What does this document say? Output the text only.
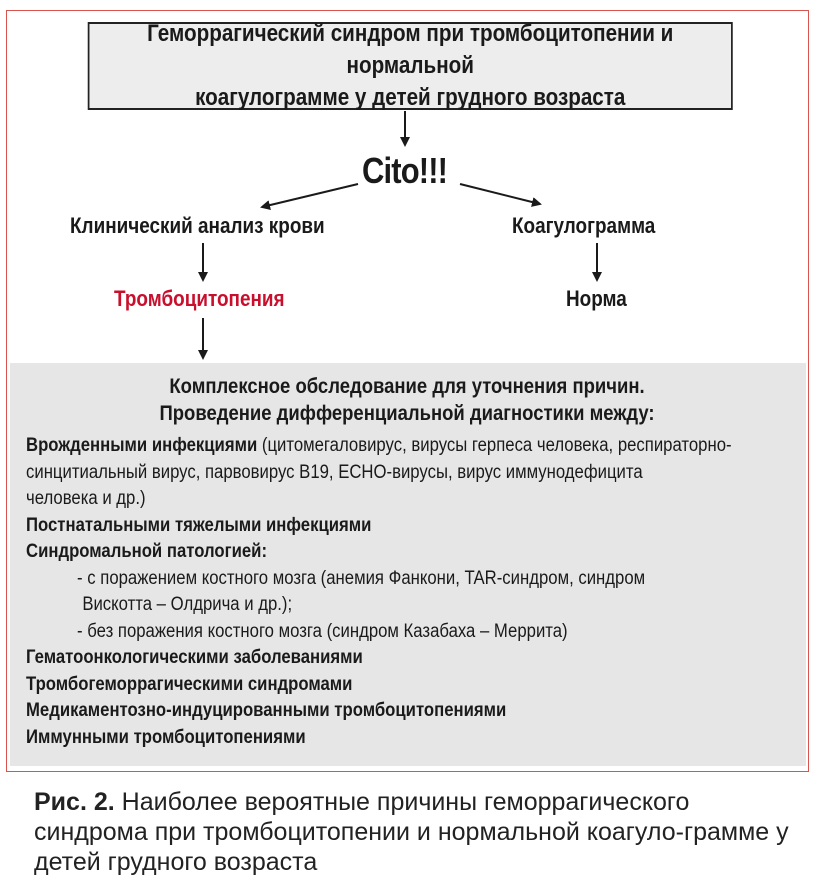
Геморрагический синдром при тромбоцитопении и нормальной
коагулограмме у детей грудного возраста
Cito!!!
Клинический анализ крови	Коагулограмма
Тромбоцитопения	Норма
Комплексное обследование для уточнения причин.
Проведение дифференциальной диагностики между:
Врожденными инфекциями (цитомегаловирус, вирусы герпеса человека, респираторно-
синцитиальный вирус, парвовирус В19, ЕСНО-вирусы, вирус иммунодефицита
человека и др.)
Постнатальными тяжелыми инфекциями
Синдромальной патологией:
- с поражением костного мозга (анемия Фанкони, TAR-синдром, синдром
Вискотта – Олдрича и др.);
- без поражения костного мозга (синдром Казабаха – Меррита)
Гематоонкологическими заболеваниями
Тромбогеморрагическими синдромами
Медикаментозно-индуцированными тромбоцитопениями
Иммунными тромбоцитопениями
Рис. 2. Наиболее вероятные причины геморрагического синдрома при тромбоцитопении и нормальной коагуло-грамме у детей грудного возраста
